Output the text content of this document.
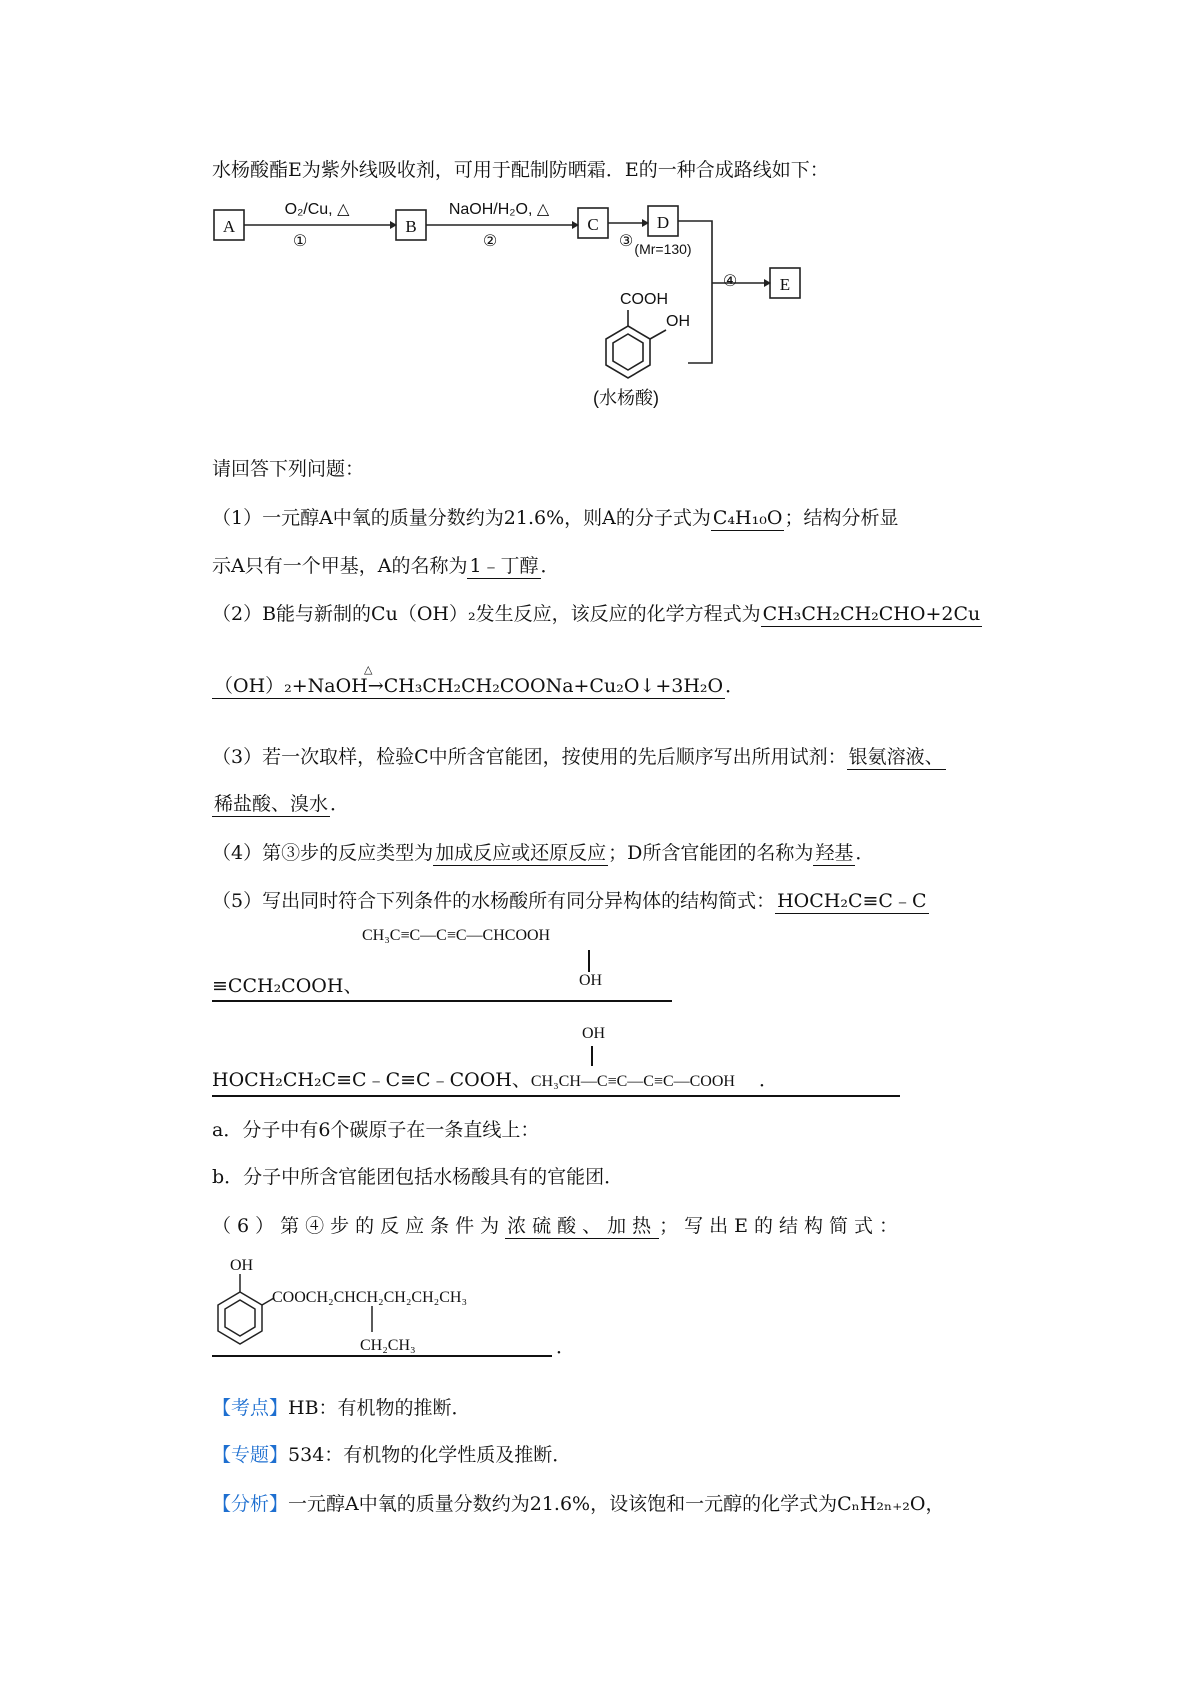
水杨酸酯E为紫外线吸收剂，可用于配制防晒霜．E的一种合成路线如下：
A	B	C	D
E
O₂/Cu, △
①
NaOH/H₂O, △
②	③
④
(Mr=130)
COOH
OH
(水杨酸)
请回答下列问题：
（1）一元醇A中氧的质量分数约为21.6%，则A的分子式为 C₄H₁₀O ；结构分析显
示A只有一个甲基，A的名称为 1﹣丁醇 ．
（2）B能与新制的Cu（OH）₂发生反应，该反应的化学方程式为 CH₃CH₂CH₂CHO+2Cu
△
（OH）₂+NaOH→CH₃CH₂CH₂COONa+Cu₂O↓+3H₂O ．
（3）若一次取样，检验C中所含官能团，按使用的先后顺序写出所用试剂： 银氨溶液、
稀盐酸、溴水 ．
（4）第③步的反应类型为 加成反应或还原反应 ；D所含官能团的名称为 羟基 ．
（5）写出同时符合下列条件的水杨酸所有同分异构体的结构简式： HOCH₂C≡C﹣C
CH₃C≡C—C≡C—CHCOOH
OH
≡CCH₂COOH、
OH
HOCH₂CH₂C≡C﹣C≡C﹣COOH、CH₃CH—C≡C—C≡C—COOH ．
a．分子中有6个碳原子在一条直线上：
b．分子中所含官能团包括水杨酸具有的官能团．
（6）第④步的反应条件为 浓硫酸、加热 ；写出E的结构简式：
OH
COOCH₂CHCH₂CH₂CH₂CH₃
CH₂CH₃	．
【考点】HB：有机物的推断．
【专题】534：有机物的化学性质及推断．
【分析】一元醇A中氧的质量分数约为21.6%，设该饱和一元醇的化学式为CₙH₂ₙ₊₂O，
